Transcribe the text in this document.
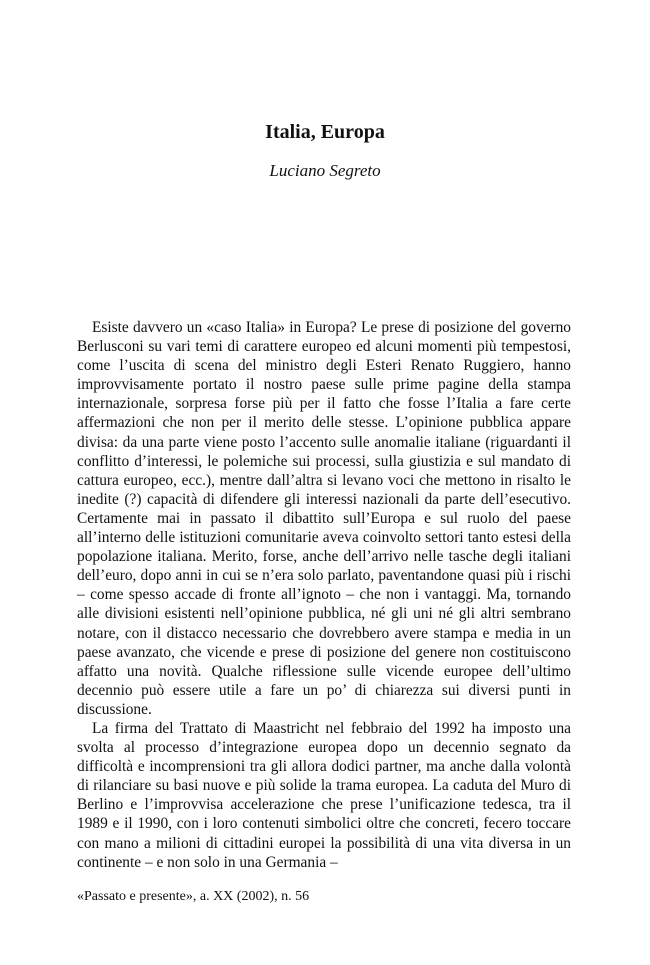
Italia, Europa
Luciano Segreto

Esiste davvero un «caso Italia» in Europa? Le prese di posizione del governo Berlusconi su vari temi di carattere europeo ed alcuni momenti più tempestosi, come l’uscita di scena del ministro degli Esteri Renato Ruggiero, hanno improvvisamente portato il nostro paese sulle prime pagine della stampa internazionale, sorpresa forse più per il fatto che fosse l’Italia a fare certe affermazioni che non per il merito delle stesse. L’opinione pubblica appare divisa: da una parte viene posto l’accento sulle anomalie italiane (riguardanti il conflitto d’interessi, le polemiche sui processi, sulla giustizia e sul mandato di cattura europeo, ecc.), mentre dall’altra si levano voci che mettono in risalto le inedite (?) capacità di difendere gli interessi nazionali da parte dell’esecutivo. Certamente mai in passato il dibattito sull’Europa e sul ruolo del paese all’interno delle istituzioni comunitarie aveva coinvolto settori tanto estesi della popolazione italiana. Merito, forse, anche dell’arrivo nelle tasche degli italiani dell’euro, dopo anni in cui se n’era solo parlato, paventandone quasi più i rischi – come spesso accade di fronte all’ignoto – che non i vantaggi. Ma, tornando alle divisioni esistenti nell’opinione pubblica, né gli uni né gli altri sembrano notare, con il distacco necessario che dovrebbero avere stampa e media in un paese avanzato, che vicende e prese di posizione del genere non costituiscono affatto una novità. Qualche riflessione sulle vicende europee dell’ultimo decennio può essere utile a fare un po’ di chiarezza sui diversi punti in discussione.

La firma del Trattato di Maastricht nel febbraio del 1992 ha imposto una svolta al processo d’integrazione europea dopo un decennio segnato da difficoltà e incomprensioni tra gli allora dodici partner, ma anche dalla volontà di rilanciare su basi nuove e più solide la trama europea. La caduta del Muro di Berlino e l’improvvisa accelerazione che prese l’unificazione tedesca, tra il 1989 e il 1990, con i loro contenuti simbolici oltre che concreti, fecero toccare con mano a milioni di cittadini europei la possibilità di una vita diversa in un continente – e non solo in una Germania –

«Passato e presente», a. XX (2002), n. 56
